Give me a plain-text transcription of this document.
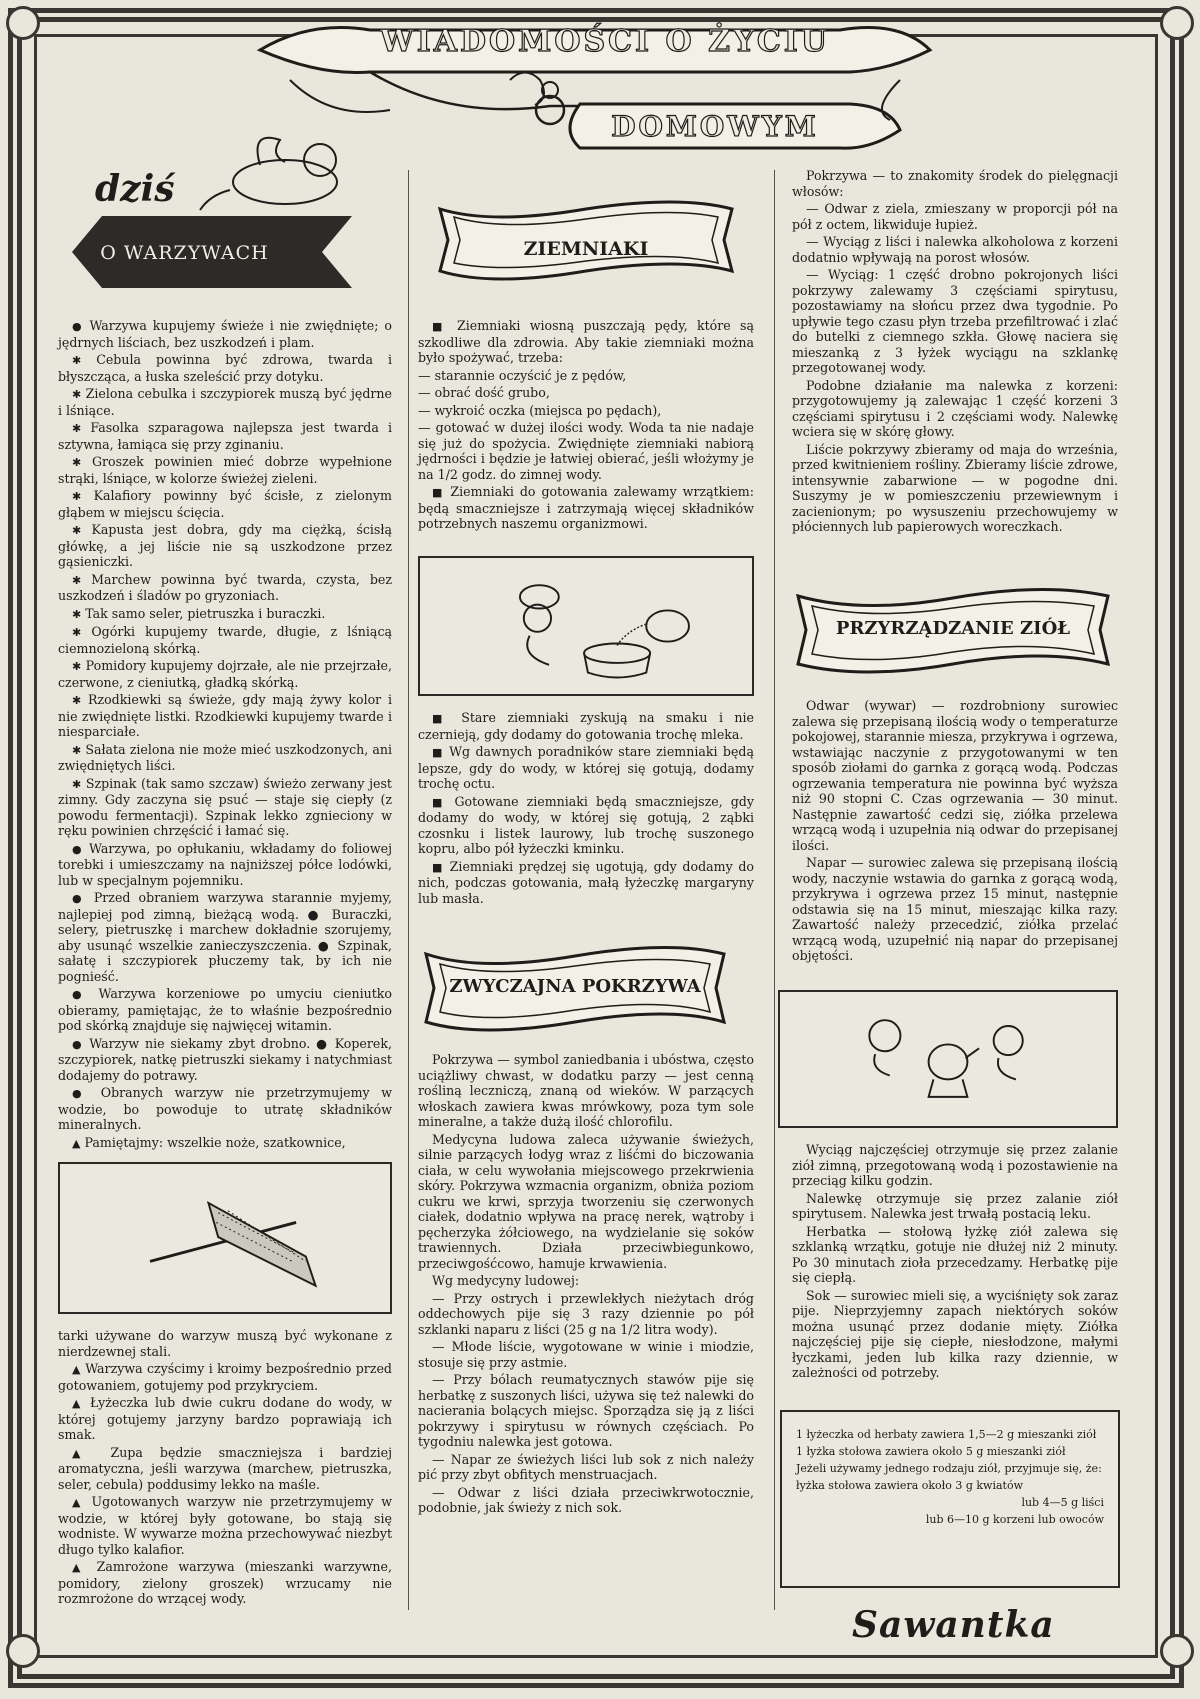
WIADOMOŚCI O ŻYCIU
DOMOWYM
dziś
O WARZYWACH

● Warzywa kupujemy świeże i nie zwiędnięte; o jędrnych liściach, bez uszkodzeń i plam.

✱ Cebula powinna być zdrowa, twarda i błyszcząca, a łuska szeleścić przy dotyku.

✱ Zielona cebulka i szczypiorek muszą być jędrne i lśniące.

✱ Fasolka szparagowa najlepsza jest twarda i sztywna, łamiąca się przy zginaniu.

✱ Groszek powinien mieć dobrze wypełnione strąki, lśniące, w kolorze świeżej zieleni.

✱ Kalafiory powinny być ścisłe, z zielonym głąbem w miejscu ścięcia.

✱ Kapusta jest dobra, gdy ma ciężką, ścisłą główkę, a jej liście nie są uszkodzone przez gąsieniczki.

✱ Marchew powinna być twarda, czysta, bez uszkodzeń i śladów po gryzoniach.

✱ Tak samo seler, pietruszka i buraczki.

✱ Ogórki kupujemy twarde, długie, z lśniącą ciemnozieloną skórką.

✱ Pomidory kupujemy dojrzałe, ale nie przejrzałe, czerwone, z cieniutką, gładką skórką.

✱ Rzodkiewki są świeże, gdy mają żywy kolor i nie zwiędnięte listki. Rzodkiewki kupujemy twarde i niesparciałe.

✱ Sałata zielona nie może mieć uszkodzonych, ani zwiędniętych liści.

✱ Szpinak (tak samo szczaw) świeżo zerwany jest zimny. Gdy zaczyna się psuć — staje się ciepły (z powodu fermentacji). Szpinak lekko zgnieciony w ręku powinien chrzęścić i łamać się.

● Warzywa, po opłukaniu, wkładamy do foliowej torebki i umieszczamy na najniższej półce lodówki, lub w specjalnym pojemniku.

● Przed obraniem warzywa starannie myjemy, najlepiej pod zimną, bieżącą wodą. ● Buraczki, selery, pietruszkę i marchew dokładnie szorujemy, aby usunąć wszelkie zanieczyszczenia. ● Szpinak, sałatę i szczypiorek płuczemy tak, by ich nie pognieść.

● Warzywa korzeniowe po umyciu cieniutko obieramy, pamiętając, że to właśnie bezpośrednio pod skórką znajduje się najwięcej witamin.

● Warzyw nie siekamy zbyt drobno. ● Koperek, szczypiorek, natkę pietruszki siekamy i natychmiast dodajemy do potrawy.

● Obranych warzyw nie przetrzymujemy w wodzie, bo powoduje to utratę składników mineralnych.

▲ Pamiętajmy: wszelkie noże, szatkownice,

tarki używane do warzyw muszą być wykonane z nierdzewnej stali.

▲ Warzywa czyścimy i kroimy bezpośrednio przed gotowaniem, gotujemy pod przykryciem.

▲ Łyżeczka lub dwie cukru dodane do wody, w której gotujemy jarzyny bardzo poprawiają ich smak.

▲ Zupa będzie smaczniejsza i bardziej aromatyczna, jeśli warzywa (marchew, pietruszka, seler, cebula) poddusimy lekko na maśle.

▲ Ugotowanych warzyw nie przetrzymujemy w wodzie, w której były gotowane, bo stają się wodniste. W wywarze można przechowywać niezbyt długo tylko kalafior.

▲ Zamrożone warzywa (mieszanki warzywne, pomidory, zielony groszek) wrzucamy nie rozmrożone do wrzącej wody.

ZIEMNIAKI

■ Ziemniaki wiosną puszczają pędy, które są szkodliwe dla zdrowia. Aby takie ziemniaki można było spożywać, trzeba:

— starannie oczyścić je z pędów,

— obrać dość grubo,

— wykroić oczka (miejsca po pędach),

— gotować w dużej ilości wody. Woda ta nie nadaje się już do spożycia. Zwiędnięte ziemniaki nabiorą jędrności i będzie je łatwiej obierać, jeśli włożymy je na 1/2 godz. do zimnej wody.

■ Ziemniaki do gotowania zalewamy wrzątkiem: będą smaczniejsze i zatrzymają więcej składników potrzebnych naszemu organizmowi.

■ Stare ziemniaki zyskują na smaku i nie czernieją, gdy dodamy do gotowania trochę mleka.

■ Wg dawnych poradników stare ziemniaki będą lepsze, gdy do wody, w której się gotują, dodamy trochę octu.

■ Gotowane ziemniaki będą smaczniejsze, gdy dodamy do wody, w której się gotują, 2 ząbki czosnku i listek laurowy, lub trochę suszonego kopru, albo pół łyżeczki kminku.

■ Ziemniaki prędzej się ugotują, gdy dodamy do nich, podczas gotowania, małą łyżeczkę margaryny lub masła.

ZWYCZAJNA POKRZYWA

Pokrzywa — symbol zaniedbania i ubóstwa, często uciążliwy chwast, w dodatku parzy — jest cenną rośliną leczniczą, znaną od wieków. W parzących włoskach zawiera kwas mrówkowy, poza tym sole mineralne, a także dużą ilość chlorofilu.

Medycyna ludowa zaleca używanie świeżych, silnie parzących łodyg wraz z liśćmi do biczowania ciała, w celu wywołania miejscowego przekrwienia skóry. Pokrzywa wzmacnia organizm, obniża poziom cukru we krwi, sprzyja tworzeniu się czerwonych ciałek, dodatnio wpływa na pracę nerek, wątroby i pęcherzyka żółciowego, na wydzielanie się soków trawiennych. Działa przeciwbiegunkowo, przeciwgośćcowo, hamuje krwawienia.

Wg medycyny ludowej:

— Przy ostrych i przewlekłych nieżytach dróg oddechowych pije się 3 razy dziennie po pół szklanki naparu z liści (25 g na 1/2 litra wody).

— Młode liście, wygotowane w winie i miodzie, stosuje się przy astmie.

— Przy bólach reumatycznych stawów pije się herbatkę z suszonych liści, używa się też nalewki do nacierania bolących miejsc. Sporządza się ją z liści pokrzywy i spirytusu w równych częściach. Po tygodniu nalewka jest gotowa.

— Napar ze świeżych liści lub sok z nich należy pić przy zbyt obfitych menstruacjach.

— Odwar z liści działa przeciwkrwotocznie, podobnie, jak świeży z nich sok.

Pokrzywa — to znakomity środek do pielęgnacji włosów:

— Odwar z ziela, zmieszany w proporcji pół na pół z octem, likwiduje łupież.

— Wyciąg z liści i nalewka alkoholowa z korzeni dodatnio wpływają na porost włosów.

— Wyciąg: 1 część drobno pokrojonych liści pokrzywy zalewamy 3 częściami spirytusu, pozostawiamy na słońcu przez dwa tygodnie. Po upływie tego czasu płyn trzeba przefiltrować i zlać do butelki z ciemnego szkła. Głowę naciera się mieszanką z 3 łyżek wyciągu na szklankę przegotowanej wody.

Podobne działanie ma nalewka z korzeni: przygotowujemy ją zalewając 1 część korzeni 3 częściami spirytusu i 2 częściami wody. Nalewkę wciera się w skórę głowy.

Liście pokrzywy zbieramy od maja do września, przed kwitnieniem rośliny. Zbieramy liście zdrowe, intensywnie zabarwione — w pogodne dni. Suszymy je w pomieszczeniu przewiewnym i zacienionym; po wysuszeniu przechowujemy w płóciennych lub papierowych woreczkach.

PRZYRZĄDZANIE ZIÓŁ

Odwar (wywar) — rozdrobniony surowiec zalewa się przepisaną ilością wody o temperaturze pokojowej, starannie miesza, przykrywa i ogrzewa, wstawiając naczynie z przygotowanymi w ten sposób ziołami do garnka z gorącą wodą. Podczas ogrzewania temperatura nie powinna być wyższa niż 90 stopni C. Czas ogrzewania — 30 minut. Następnie zawartość cedzi się, ziółka przelewa wrzącą wodą i uzupełnia nią odwar do przepisanej ilości.

Napar — surowiec zalewa się przepisaną ilością wody, naczynie wstawia do garnka z gorącą wodą, przykrywa i ogrzewa przez 15 minut, następnie odstawia się na 15 minut, mieszając kilka razy. Zawartość należy przecedzić, ziółka przelać wrzącą wodą, uzupełnić nią napar do przepisanej objętości.

Wyciąg najczęściej otrzymuje się przez zalanie ziół zimną, przegotowaną wodą i pozostawienie na przeciąg kilku godzin.

Nalewkę otrzymuje się przez zalanie ziół spirytusem. Nalewka jest trwałą postacią leku.

Herbatka — stołową łyżkę ziół zalewa się szklanką wrzątku, gotuje nie dłużej niż 2 minuty. Po 30 minutach zioła przecedzamy. Herbatkę pije się ciepłą.

Sok — surowiec mieli się, a wyciśnięty sok zaraz pije. Nieprzyjemny zapach niektórych soków można usunąć przez dodanie mięty. Ziółka najczęściej pije się ciepłe, niesłodzone, małymi łyczkami, jeden lub kilka razy dziennie, w zależności od potrzeby.

1 łyżeczka od herbaty zawiera 1,5—2 g mieszanki ziół

1 łyżka stołowa zawiera około 5 g mieszanki ziół

Jeżeli używamy jednego rodzaju ziół, przyjmuje się, że:

łyżka stołowa zawiera około 3 g kwiatów

lub 4—5 g liści

lub 6—10 g korzeni lub owoców

Sawantka
